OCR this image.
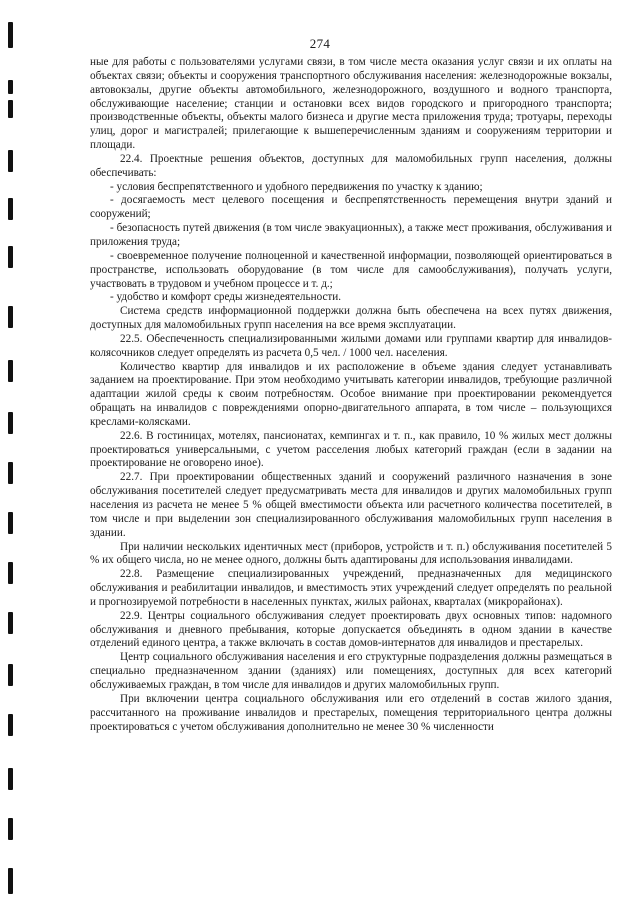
274

ные для работы с пользователями услугами связи, в том числе места оказания услуг связи и их оплаты на объектах связи; объекты и сооружения транспортного обслуживания населения: железнодорожные вокзалы, автовокзалы, другие объекты автомобильного, железнодорожного, воздушного и водного транспорта, обслуживающие население; станции и остановки всех видов городского и пригородного транспорта; производственные объекты, объекты малого бизнеса и другие места приложения труда; тротуары, переходы улиц, дорог и магистралей; прилегающие к вышеперечисленным зданиям и сооружениям территории и площади.

22.4. Проектные решения объектов, доступных для маломобильных групп населения, должны обеспечивать:

- условия беспрепятственного и удобного передвижения по участку к зданию;

- досягаемость мест целевого посещения и беспрепятственность перемещения внутри зданий и сооружений;

- безопасность путей движения (в том числе эвакуационных), а также мест проживания, обслуживания и приложения труда;

- своевременное получение полноценной и качественной информации, позволяющей ориентироваться в пространстве, использовать оборудование (в том числе для самообслуживания), получать услуги, участвовать в трудовом и учебном процессе и т. д.;

- удобство и комфорт среды жизнедеятельности.

Система средств информационной поддержки должна быть обеспечена на всех путях движения, доступных для маломобильных групп населения на все время эксплуатации.

22.5. Обеспеченность специализированными жилыми домами или группами квартир для инвалидов-колясочников следует определять из расчета 0,5 чел. / 1000 чел. населения.

Количество квартир для инвалидов и их расположение в объеме здания следует устанавливать заданием на проектирование. При этом необходимо учитывать категории инвалидов, требующие различной адаптации жилой среды к своим потребностям. Особое внимание при проектировании рекомендуется обращать на инвалидов с повреждениями опорно-двигательного аппарата, в том числе – пользующихся креслами-колясками.

22.6. В гостиницах, мотелях, пансионатах, кемпингах и т. п., как правило, 10 % жилых мест должны проектироваться универсальными, с учетом расселения любых категорий граждан (если в задании на проектирование не оговорено иное).

22.7. При проектировании общественных зданий и сооружений различного назначения в зоне обслуживания посетителей следует предусматривать места для инвалидов и других маломобильных групп населения из расчета не менее 5 % общей вместимости объекта или расчетного количества посетителей, в том числе и при выделении зон специализированного обслуживания маломобильных групп населения в здании.

При наличии нескольких идентичных мест (приборов, устройств и т. п.) обслуживания посетителей 5 % их общего числа, но не менее одного, должны быть адаптированы для использования инвалидами.

22.8. Размещение специализированных учреждений, предназначенных для медицинского обслуживания и реабилитации инвалидов, и вместимость этих учреждений следует определять по реальной и прогнозируемой потребности в населенных пунктах, жилых районах, кварталах (микрорайонах).

22.9. Центры социального обслуживания следует проектировать двух основных типов: надомного обслуживания и дневного пребывания, которые допускается объединять в одном здании в качестве отделений единого центра, а также включать в состав домов-интернатов для инвалидов и престарелых.

Центр социального обслуживания населения и его структурные подразделения должны размещаться в специально предназначенном здании (зданиях) или помещениях, доступных для всех категорий обслуживаемых граждан, в том числе для инвалидов и других маломобильных групп.

При включении центра социального обслуживания или его отделений в состав жилого здания, рассчитанного на проживание инвалидов и престарелых, помещения территориального центра должны проектироваться с учетом обслуживания дополнительно не менее 30 % численности
